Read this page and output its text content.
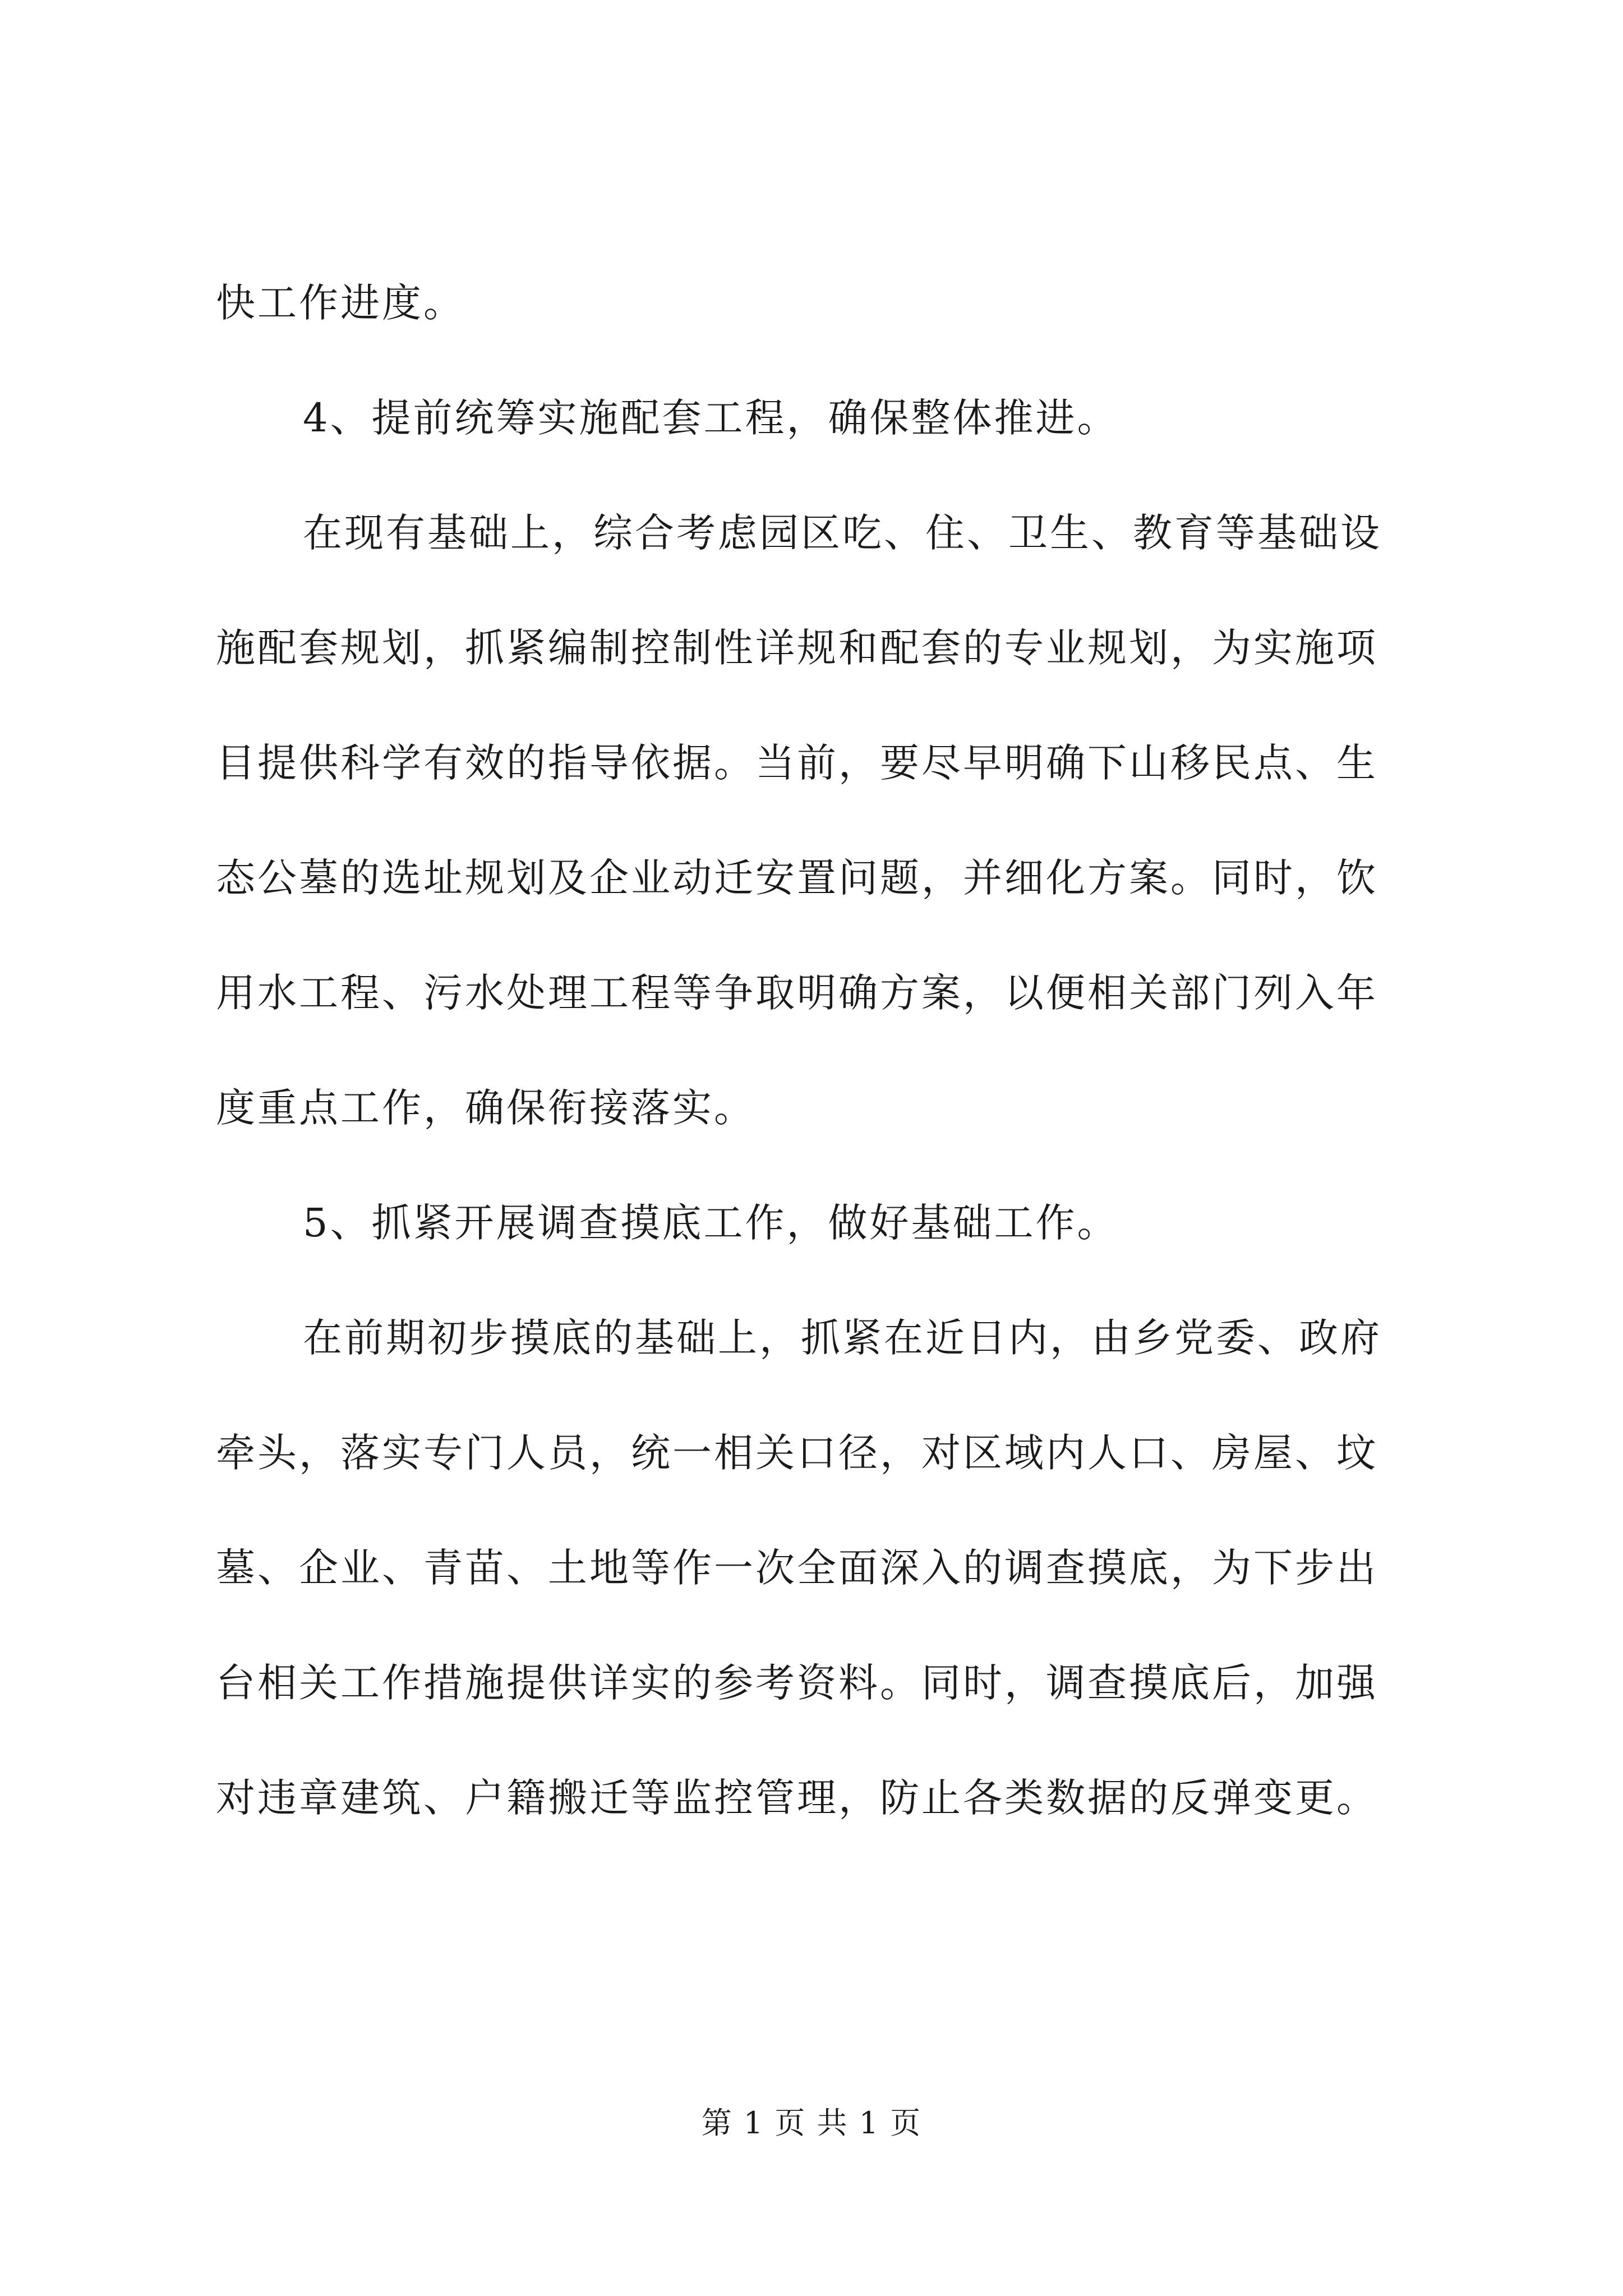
快工作进度。
4、提前统筹实施配套工程，确保整体推进。
在现有基础上，综合考虑园区吃、住、卫生、教育等基础设
施配套规划，抓紧编制控制性详规和配套的专业规划，为实施项
目提供科学有效的指导依据。当前，要尽早明确下山移民点、生
态公墓的选址规划及企业动迁安置问题，并细化方案。同时，饮
用水工程、污水处理工程等争取明确方案，以便相关部门列入年
度重点工作，确保衔接落实。
5、抓紧开展调查摸底工作，做好基础工作。
在前期初步摸底的基础上，抓紧在近日内，由乡党委、政府
牵头，落实专门人员，统一相关口径，对区域内人口、房屋、坟
墓、企业、青苗、土地等作一次全面深入的调查摸底，为下步出
台相关工作措施提供详实的参考资料。同时，调查摸底后，加强
对违章建筑、户籍搬迁等监控管理，防止各类数据的反弹变更。
第 1 页 共 1 页
